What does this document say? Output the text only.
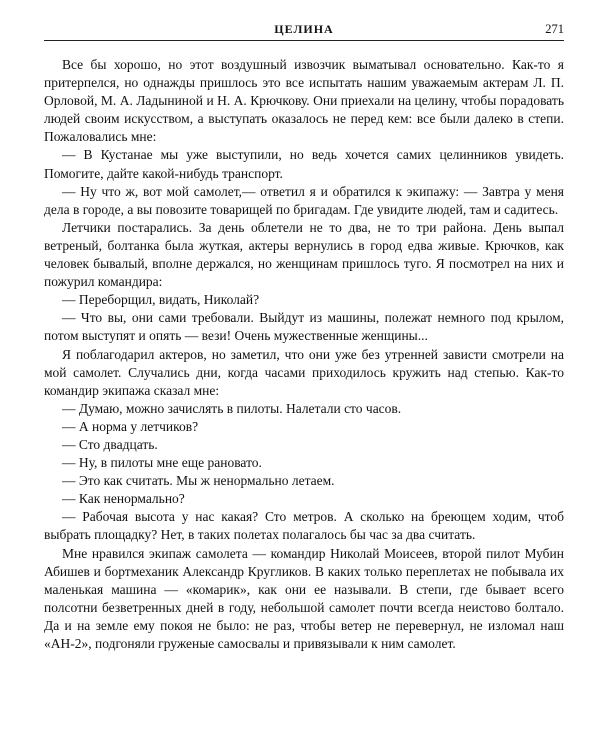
ЦЕЛИНА	271

Все бы хорошо, но этот воздушный извозчик выматывал основательно. Как-то я притерпелся, но однажды пришлось это все испытать нашим уважаемым актерам Л. П. Орловой, М. А. Ладыниной и Н. А. Крючкову. Они приехали на целину, чтобы порадовать людей своим искусством, а выступать оказалось не перед кем: все были далеко в степи. Пожаловались мне:

— В Кустанае мы уже выступили, но ведь хочется самих целинников увидеть. Помогите, дайте какой-нибудь транспорт.

— Ну что ж, вот мой самолет,— ответил я и обратился к экипажу: — Завтра у меня дела в городе, а вы повозите товарищей по бригадам. Где увидите людей, там и садитесь.

Летчики постарались. За день облетели не то два, не то три района. День выпал ветреный, болтанка была жуткая, актеры вернулись в город едва живые. Крючков, как человек бывалый, вполне держался, но женщинам пришлось туго. Я посмотрел на них и пожурил командира:

— Переборщил, видать, Николай?

— Что вы, они сами требовали. Выйдут из машины, полежат немного под крылом, потом выступят и опять — вези! Очень мужественные женщины...

Я поблагодарил актеров, но заметил, что они уже без утренней зависти смотрели на мой самолет. Случались дни, когда часами приходилось кружить над степью. Как-то командир экипажа сказал мне:

— Думаю, можно зачислять в пилоты. Налетали сто часов.

— А норма у летчиков?

— Сто двадцать.

— Ну, в пилоты мне еще рановато.

— Это как считать. Мы ж ненормально летаем.

— Как ненормально?

— Рабочая высота у нас какая? Сто метров. А сколько на бреющем ходим, чтоб выбрать площадку? Нет, в таких полетах полагалось бы час за два считать.

Мне нравился экипаж самолета — командир Николай Моисеев, второй пилот Мубин Абишев и бортмеханик Александр Кругликов. В каких только переплетах не побывала их маленькая машина — «комарик», как они ее называли. В степи, где бывает всего полсотни безветренных дней в году, небольшой самолет почти всегда неистово болтало. Да и на земле ему покоя не было: не раз, чтобы ветер не перевернул, не изломал наш «АН-2», подгоняли груженые самосвалы и привязывали к ним самолет.
